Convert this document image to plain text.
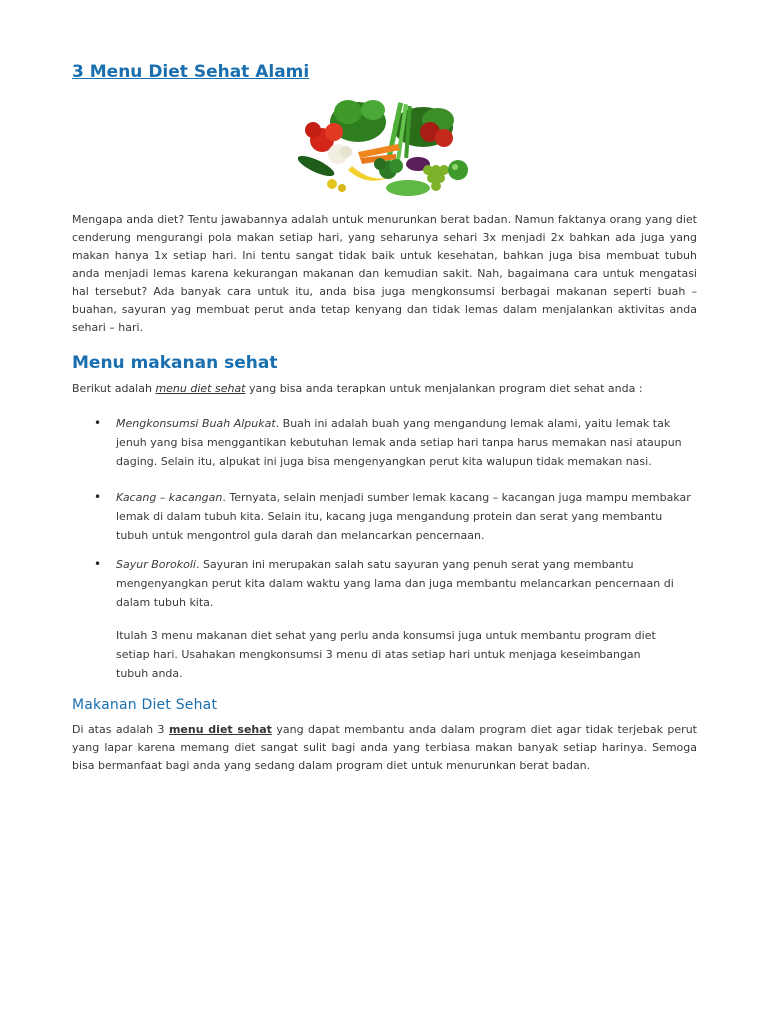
3 Menu Diet Sehat Alami

Mengapa anda diet? Tentu jawabannya adalah untuk menurunkan berat badan. Namun faktanya orang yang diet cenderung mengurangi pola makan setiap hari, yang seharunya sehari 3x menjadi 2x bahkan ada juga yang makan hanya 1x setiap hari. Ini tentu sangat tidak baik untuk kesehatan, bahkan juga bisa membuat tubuh anda menjadi lemas karena kekurangan makanan dan kemudian sakit. Nah, bagaimana cara untuk mengatasi hal tersebut? Ada banyak cara untuk itu, anda bisa juga mengkonsumsi berbagai makanan seperti buah – buahan, sayuran yag membuat perut anda tetap kenyang dan tidak lemas dalam menjalankan aktivitas anda sehari – hari.

Menu makanan sehat

Berikut adalah menu diet sehat yang bisa anda terapkan untuk menjalankan program diet sehat anda :

• Mengkonsumsi Buah Alpukat. Buah ini adalah buah yang mengandung lemak alami, yaitu lemak tak jenuh yang bisa menggantikan kebutuhan lemak anda setiap hari tanpa harus memakan nasi ataupun daging. Selain itu, alpukat ini juga bisa mengenyangkan perut kita walupun tidak memakan nasi.
• Kacang – kacangan. Ternyata, selain menjadi sumber lemak kacang – kacangan juga mampu membakar lemak di dalam tubuh kita. Selain itu, kacang juga mengandung protein dan serat yang membantu tubuh untuk mengontrol gula darah dan melancarkan pencernaan.
• Sayur Borokoli. Sayuran ini merupakan salah satu sayuran yang penuh serat yang membantu mengenyangkan perut kita dalam waktu yang lama dan juga membantu melancarkan pencernaan di dalam tubuh kita.
Itulah 3 menu makanan diet sehat yang perlu anda konsumsi juga untuk membantu program diet setiap hari. Usahakan mengkonsumsi 3 menu di atas setiap hari untuk menjaga keseimbangan tubuh anda.
Makanan Diet Sehat

Di atas adalah 3 menu diet sehat yang dapat membantu anda dalam program diet agar tidak terjebak perut yang lapar karena memang diet sangat sulit bagi anda yang terbiasa makan banyak setiap harinya. Semoga bisa bermanfaat bagi anda yang sedang dalam program diet untuk menurunkan berat badan.
